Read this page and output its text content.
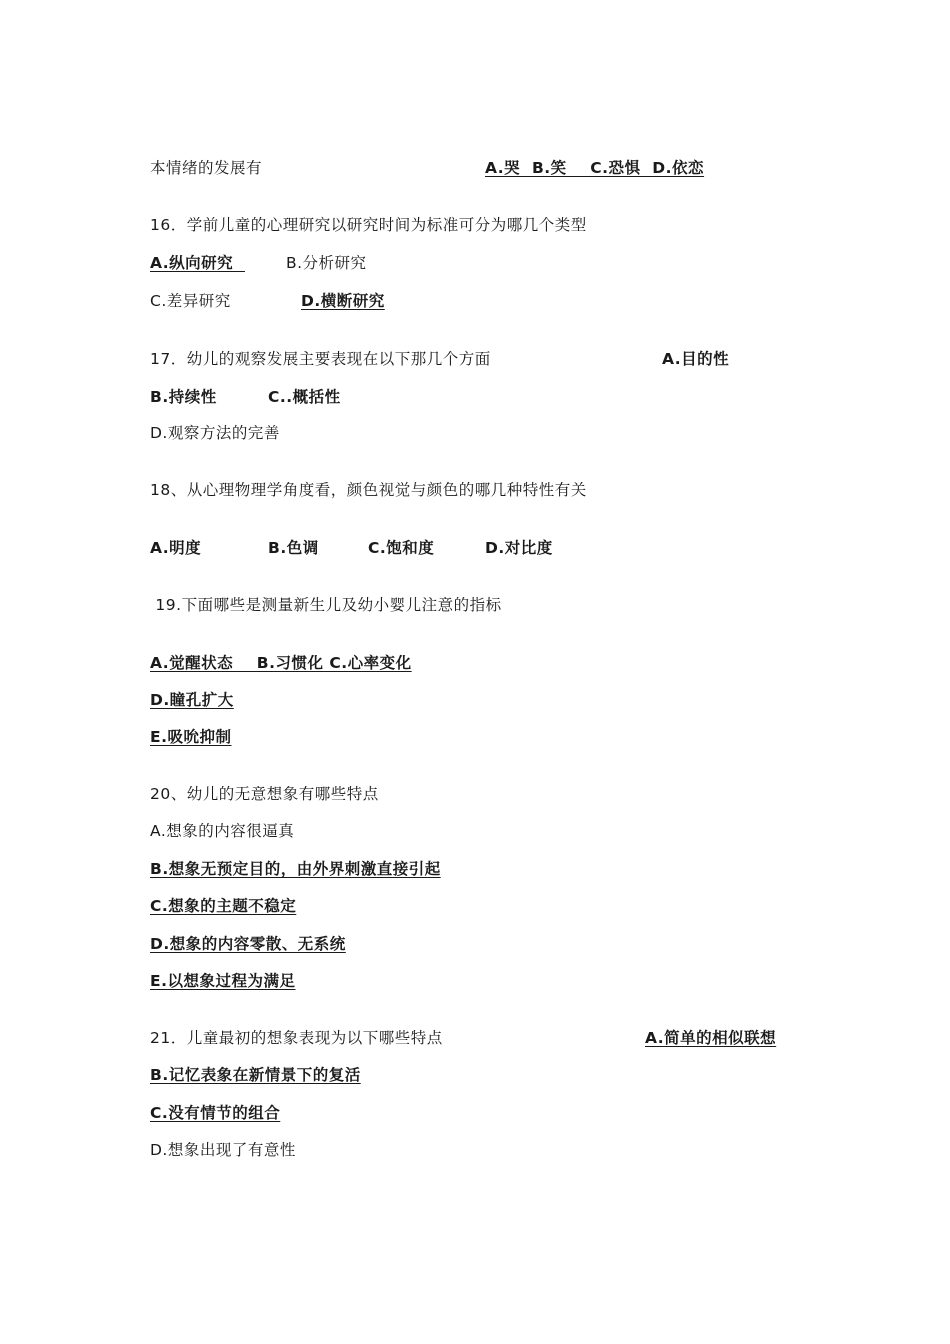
本情绪的发展有	A.哭  B.笑    C.恐惧  D.依恋
16．学前儿童的心理研究以研究时间为标准可分为哪几个类型
A.纵向研究	B.分析研究
C.差异研究	D.横断研究
17．幼儿的观察发展主要表现在以下那几个方面	A.目的性
B.持续性	C..概括性
D.观察方法的完善
18、从心理物理学角度看，颜色视觉与颜色的哪几种特性有关
A.明度	B.色调	C.饱和度	D.对比度
19.下面哪些是测量新生儿及幼小婴儿注意的指标
A.觉醒状态    B.习惯化 C.心率变化
D.瞳孔扩大
E.吸吮抑制
20、幼儿的无意想象有哪些特点
A.想象的内容很逼真
B.想象无预定目的，由外界刺激直接引起
C.想象的主题不稳定
D.想象的内容零散、无系统
E.以想象过程为满足
21．儿童最初的想象表现为以下哪些特点	A.简单的相似联想
B.记忆表象在新情景下的复活
C.没有情节的组合
D.想象出现了有意性
